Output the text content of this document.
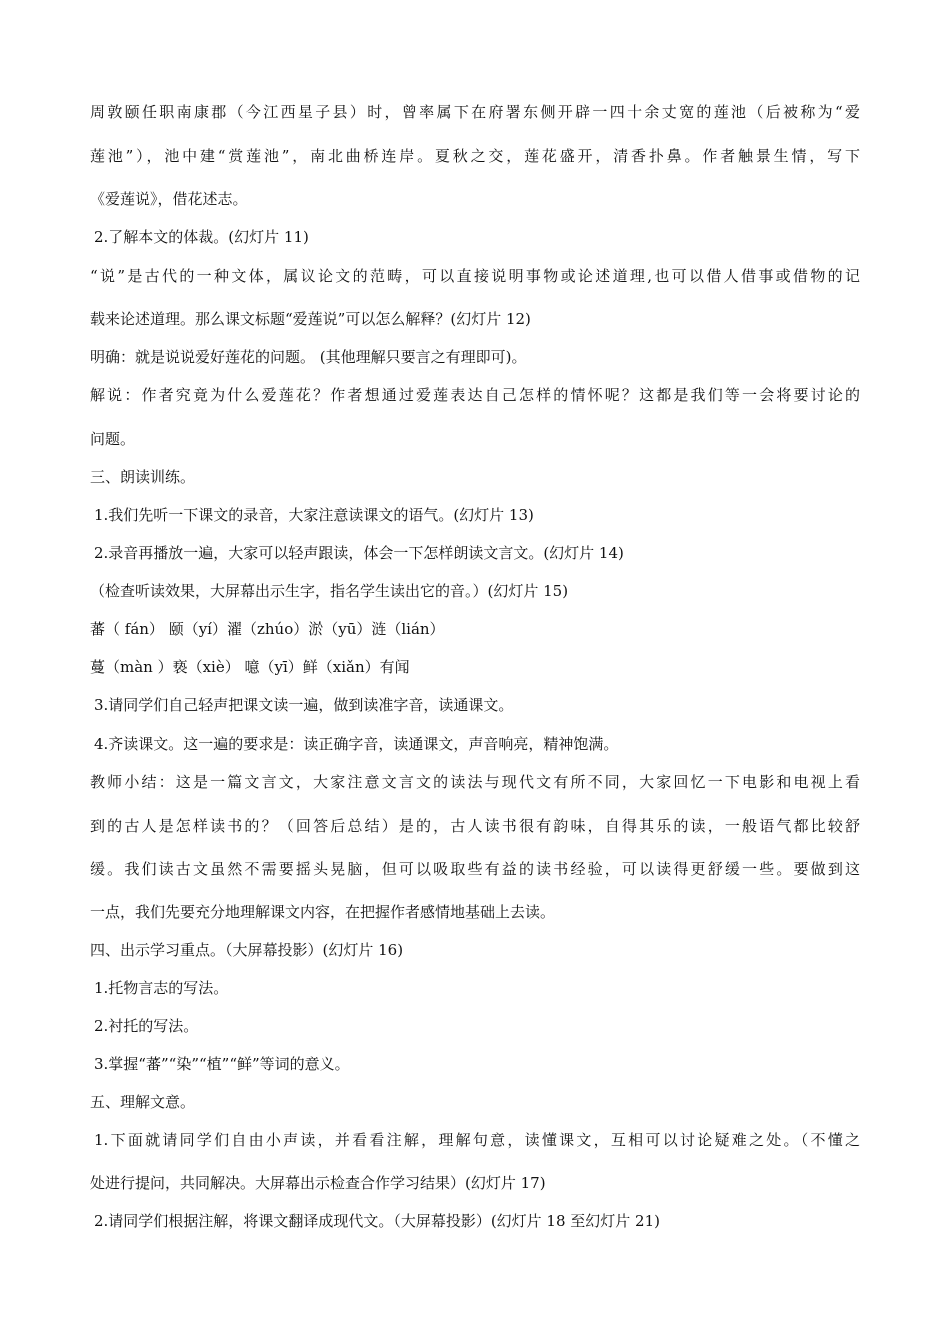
周敦颐任职南康郡（今江西星子县）时，曾率属下在府署东侧开辟一四十余丈宽的莲池（后被称为“爱
莲池”），池中建“赏莲池”，南北曲桥连岸。夏秋之交，莲花盛开，清香扑鼻。作者触景生情，写下
《爱莲说》，借花述志。
2.了解本文的体裁。(幻灯片 11)
“说”是古代的一种文体，属议论文的范畴，可以直接说明事物或论述道理,也可以借人借事或借物的记
载来论述道理。那么课文标题“爱莲说”可以怎么解释？(幻灯片 12)
明确：就是说说爱好莲花的问题。 (其他理解只要言之有理即可)。
解说：作者究竟为什么爱莲花？作者想通过爱莲表达自己怎样的情怀呢？这都是我们等一会将要讨论的
问题。
三、朗读训练。
1.我们先听一下课文的录音，大家注意读课文的语气。(幻灯片 13)
2.录音再播放一遍，大家可以轻声跟读，体会一下怎样朗读文言文。(幻灯片 14)
（检查听读效果，大屏幕出示生字，指名学生读出它的音。）(幻灯片 15)
蕃（ fán） 颐（yí）濯（zhúo）淤（yū）涟（lián）
蔓（màn ）亵（xiè） 噫（yī）鲜（xiǎn）有闻
3.请同学们自己轻声把课文读一遍，做到读准字音，读通课文。
4.齐读课文。这一遍的要求是：读正确字音，读通课文，声音响亮，精神饱满。
教师小结：这是一篇文言文，大家注意文言文的读法与现代文有所不同，大家回忆一下电影和电视上看
到的古人是怎样读书的？（回答后总结）是的，古人读书很有韵味，自得其乐的读，一般语气都比较舒
缓。我们读古文虽然不需要摇头晃脑，但可以吸取些有益的读书经验，可以读得更舒缓一些。要做到这
一点，我们先要充分地理解课文内容，在把握作者感情地基础上去读。
四、出示学习重点。（大屏幕投影）(幻灯片 16)
1.托物言志的写法。
2.衬托的写法。
3.掌握“蕃”“染”“植”“鲜”等词的意义。
五、理解文意。
1.下面就请同学们自由小声读，并看看注解，理解句意，读懂课文，互相可以讨论疑难之处。（不懂之
处进行提问，共同解决。大屏幕出示检查合作学习结果）(幻灯片 17)
2.请同学们根据注解，将课文翻译成现代文。（大屏幕投影）(幻灯片 18 至幻灯片 21)
